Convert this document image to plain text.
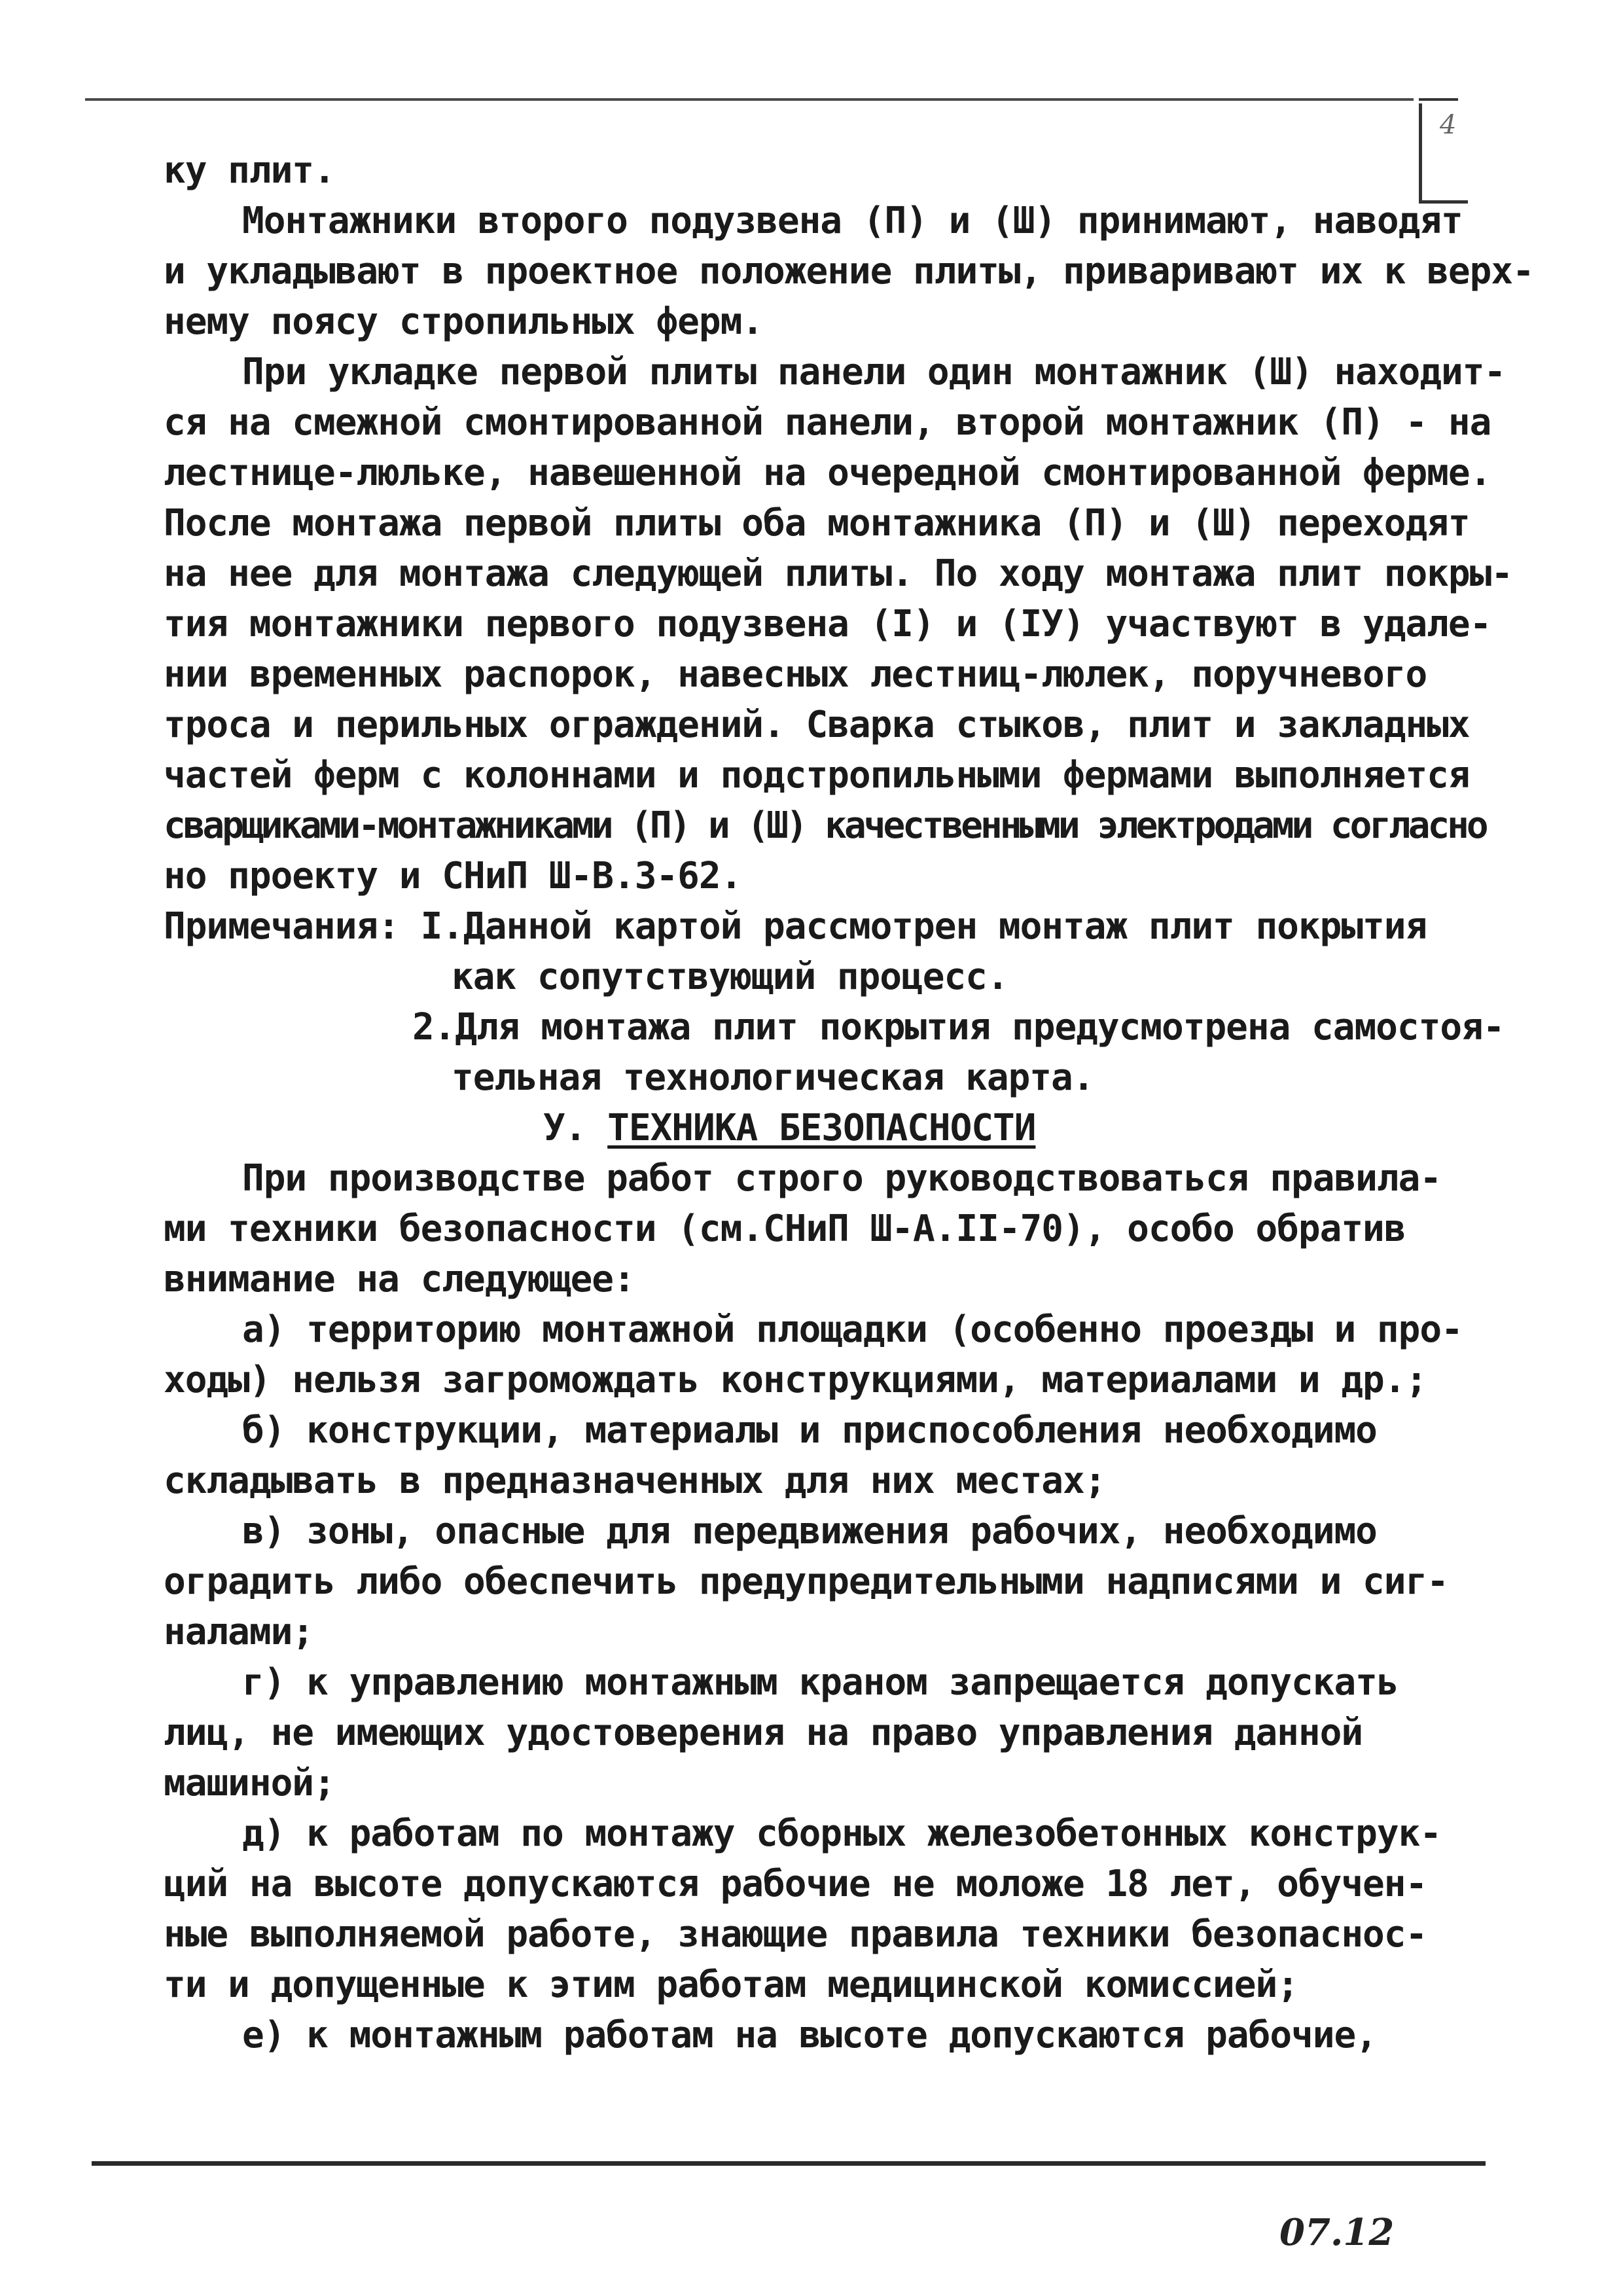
4
ку плит.
Монтажники второго подузвена (П) и (Ш) принимают, наводят
и укладывают в проектное положение плиты, приваривают их к верх-
нему поясу стропильных ферм.
При укладке первой плиты панели один монтажник (Ш) находит-
ся на смежной смонтированной панели, второй монтажник (П) - на
лестнице-люльке, навешенной на очередной смонтированной ферме.
После монтажа первой плиты оба монтажника (П) и (Ш) переходят
на нее для монтажа следующей плиты. По ходу монтажа плит покры-
тия монтажники первого подузвена (I) и (IУ) участвуют в удале-
нии временных распорок, навесных лестниц-люлек, поручневого
троса и перильных ограждений. Сварка стыков, плит и закладных
частей ферм с колоннами и подстропильными фермами выполняется
сварщиками-монтажниками (П) и (Ш) качественными электродами согласно
но проекту и СНиП Ш-В.3-62.
Примечания: I.Данной картой рассмотрен монтаж плит покрытия
как сопутствующий процесс.
2.Для монтажа плит покрытия предусмотрена самостоя-
тельная технологическая карта.
У. ТЕХНИКА БЕЗОПАСНОСТИ
При производстве работ строго руководствоваться правила-
ми техники безопасности (см.СНиП Ш-А.II-70), особо обратив
внимание на следующее:
а) территорию монтажной площадки (особенно проезды и про-
ходы) нельзя загромождать конструкциями, материалами и др.;
б) конструкции, материалы и приспособления необходимо
складывать в предназначенных для них местах;
в) зоны, опасные для передвижения рабочих, необходимо
оградить либо обеспечить предупредительными надписями и сиг-
налами;
г) к управлению монтажным краном запрещается допускать
лиц, не имеющих удостоверения на право управления данной
машиной;
д) к работам по монтажу сборных железобетонных конструк-
ций на высоте допускаются рабочие не моложе 18 лет, обучен-
ные выполняемой работе, знающие правила техники безопаснос-
ти и допущенные к этим работам медицинской комиссией;
е) к монтажным работам на высоте допускаются рабочие,
07.12
